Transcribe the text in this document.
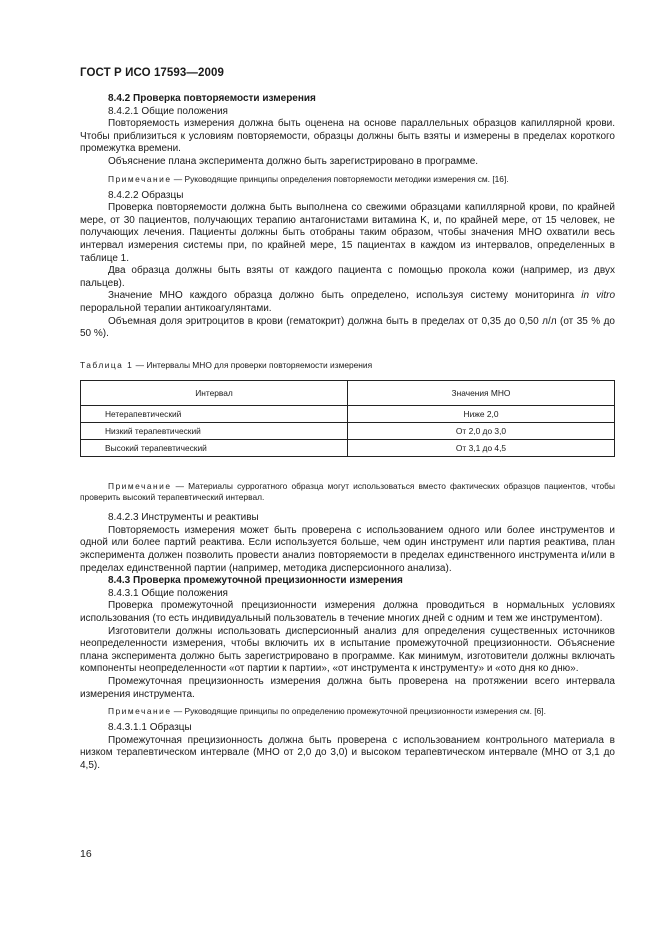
ГОСТ Р ИСО 17593—2009

8.4.2 Проверка повторяемости измерения

8.4.2.1 Общие положения

Повторяемость измерения должна быть оценена на основе параллельных образцов капиллярной крови. Чтобы приблизиться к условиям повторяемости, образцы должны быть взяты и измерены в пределах короткого промежутка времени.

Объяснение плана эксперимента должно быть зарегистрировано в программе.

Примечание — Руководящие принципы определения повторяемости методики измерения см. [16].

8.4.2.2 Образцы

Проверка повторяемости должна быть выполнена со свежими образцами капиллярной крови, по крайней мере, от 30 пациентов, получающих терапию антагонистами витамина K, и, по крайней мере, от 15 человек, не получающих лечения. Пациенты должны быть отобраны таким образом, чтобы значения МНО охватили весь интервал измерения системы при, по крайней мере, 15 пациентах в каждом из интервалов, определенных в таблице 1.

Два образца должны быть взяты от каждого пациента с помощью прокола кожи (например, из двух пальцев).

Значение МНО каждого образца должно быть определено, используя систему мониторинга in vitro пероральной терапии антикоагулянтами.

Объемная доля эритроцитов в крови (гематокрит) должна быть в пределах от 0,35 до 0,50 л/л (от 35 % до 50 %).

Таблица 1 — Интервалы МНО для проверки повторяемости измерения

Интервал	Значения МНО
Нетерапевтический	Ниже 2,0
Низкий терапевтический	От 2,0 до 3,0
Высокий терапевтический	От 3,1 до 4,5

Примечание — Материалы суррогатного образца могут использоваться вместо фактических образцов пациентов, чтобы проверить высокий терапевтический интервал.

8.4.2.3 Инструменты и реактивы

Повторяемость измерения может быть проверена с использованием одного или более инструментов и одной или более партий реактива. Если используется больше, чем один инструмент или партия реактива, план эксперимента должен позволить провести анализ повторяемости в пределах единственного инструмента и/или в пределах единственной партии (например, методика дисперсионного анализа).

8.4.3 Проверка промежуточной прецизионности измерения

8.4.3.1 Общие положения

Проверка промежуточной прецизионности измерения должна проводиться в нормальных условиях использования (то есть индивидуальный пользователь в течение многих дней с одним и тем же инструментом).

Изготовители должны использовать дисперсионный анализ для определения существенных источников неопределенности измерения, чтобы включить их в испытание промежуточной прецизионности. Объяснение плана эксперимента должно быть зарегистрировано в программе. Как минимум, изготовители должны включать компоненты неопределенности «от партии к партии», «от инструмента к инструменту» и «ото дня ко дню».

Промежуточная прецизионность измерения должна быть проверена на протяжении всего интервала измерения инструмента.

Примечание — Руководящие принципы по определению промежуточной прецизионности измерения см. [6].

8.4.3.1.1 Образцы

Промежуточная прецизионность должна быть проверена с использованием контрольного материала в низком терапевтическом интервале (МНО от 2,0 до 3,0) и высоком терапевтическом интервале (МНО от 3,1 до 4,5).

16
